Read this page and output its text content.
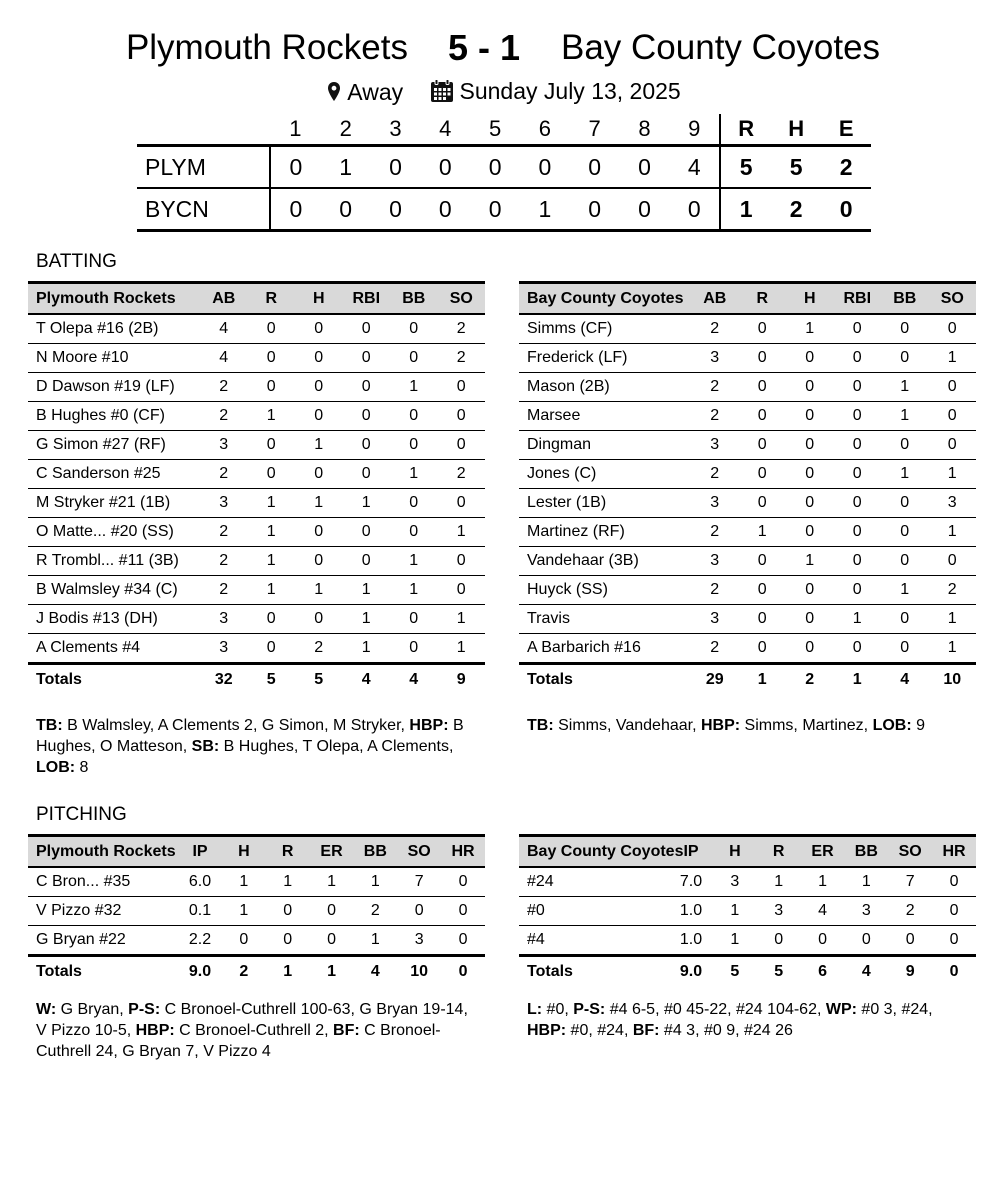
Plymouth Rockets	5 - 1	Bay County Coyotes
Away
Sunday July 13, 2025
	1	2	3	4	5	6	7	8	9	R	H	E
PLYM	0	1	0	0	0	0	0	0	4	5	5	2
BYCN	0	0	0	0	0	1	0	0	0	1	2	0
BATTING
Plymouth Rockets	AB	R	H	RBI	BB	SO
T Olepa #16 (2B)	4	0	0	0	0	2
N Moore #10	4	0	0	0	0	2
D Dawson #19 (LF)	2	0	0	0	1	0
B Hughes #0 (CF)	2	1	0	0	0	0
G Simon #27 (RF)	3	0	1	0	0	0
C Sanderson #25	2	0	0	0	1	2
M Stryker #21 (1B)	3	1	1	1	0	0
O Matte... #20 (SS)	2	1	0	0	0	1
R Trombl... #11 (3B)	2	1	0	0	1	0
B Walmsley #34 (C)	2	1	1	1	1	0
J Bodis #13 (DH)	3	0	0	1	0	1
A Clements #4	3	0	2	1	0	1
Totals	32	5	5	4	4	9
Bay County Coyotes	AB	R	H	RBI	BB	SO
Simms (CF)	2	0	1	0	0	0
Frederick (LF)	3	0	0	0	0	1
Mason (2B)	2	0	0	0	1	0
Marsee	2	0	0	0	1	0
Dingman	3	0	0	0	0	0
Jones (C)	2	0	0	0	1	1
Lester (1B)	3	0	0	0	0	3
Martinez (RF)	2	1	0	0	0	1
Vandehaar (3B)	3	0	1	0	0	0
Huyck (SS)	2	0	0	0	1	2
Travis	3	0	0	1	0	1
A Barbarich #16	2	0	0	0	0	1
Totals	29	1	2	1	4	10
TB: B Walmsley, A Clements 2, G Simon, M Stryker, HBP: B Hughes, O Matteson, SB: B Hughes, T Olepa, A Clements, LOB: 8
TB: Simms, Vandehaar, HBP: Simms, Martinez, LOB: 9
PITCHING
Plymouth Rockets	IP	H	R	ER	BB	SO	HR
C Bron... #35	6.0	1	1	1	1	7	0
V Pizzo #32	0.1	1	0	0	2	0	0
G Bryan #22	2.2	0	0	0	1	3	0
Totals	9.0	2	1	1	4	10	0
Bay County Coyotes	IP	H	R	ER	BB	SO	HR
#24	7.0	3	1	1	1	7	0
#0	1.0	1	3	4	3	2	0
#4	1.0	1	0	0	0	0	0
Totals	9.0	5	5	6	4	9	0
W: G Bryan, P-S: C Bronoel-Cuthrell 100-63, G Bryan 19-14, V Pizzo 10-5, HBP: C Bronoel-Cuthrell 2, BF: C Bronoel-Cuthrell 24, G Bryan 7, V Pizzo 4
L: #0, P-S: #4 6-5, #0 45-22, #24 104-62, WP: #0 3, #24, HBP: #0, #24, BF: #4 3, #0 9, #24 26
